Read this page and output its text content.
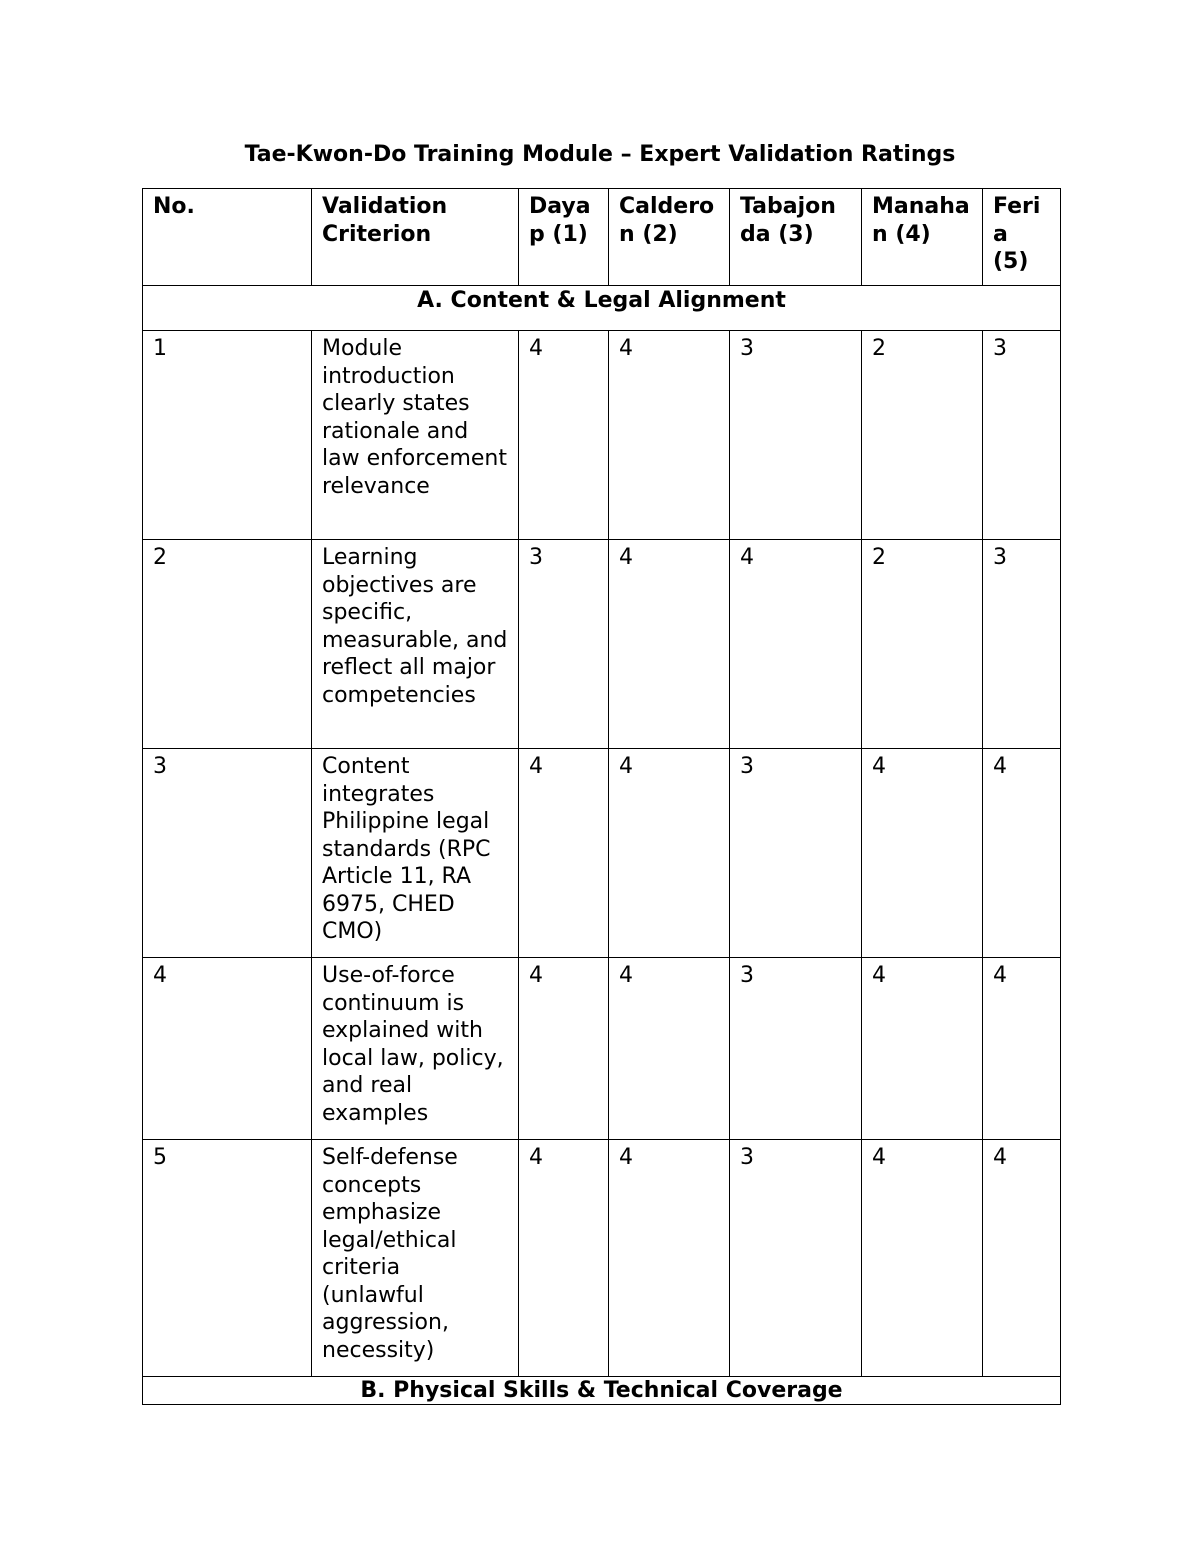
Tae-Kwon-Do Training Module – Expert Validation Ratings
No.	Validation Criterion	Dayap (1)	Calderon (2)	Tabajonda (3)	Manahan (4)	Feria (5)
A. Content & Legal Alignment						
1	Module introduction clearly states rationale and law enforcement relevance	4	4	3	2	3
2	Learning objectives are specific, measurable, and reflect all major competencies	3	4	4	2	3
3	Content integrates Philippine legal standards (RPC Article 11, RA 6975, CHED CMO)	4	4	3	4	4
4	Use-of-force continuum is explained with local law, policy, and real examples	4	4	3	4	4
5	Self-defense concepts emphasize legal/ethical criteria (unlawful aggression, necessity)	4	4	3	4	4
B. Physical Skills & Technical Coverage						
